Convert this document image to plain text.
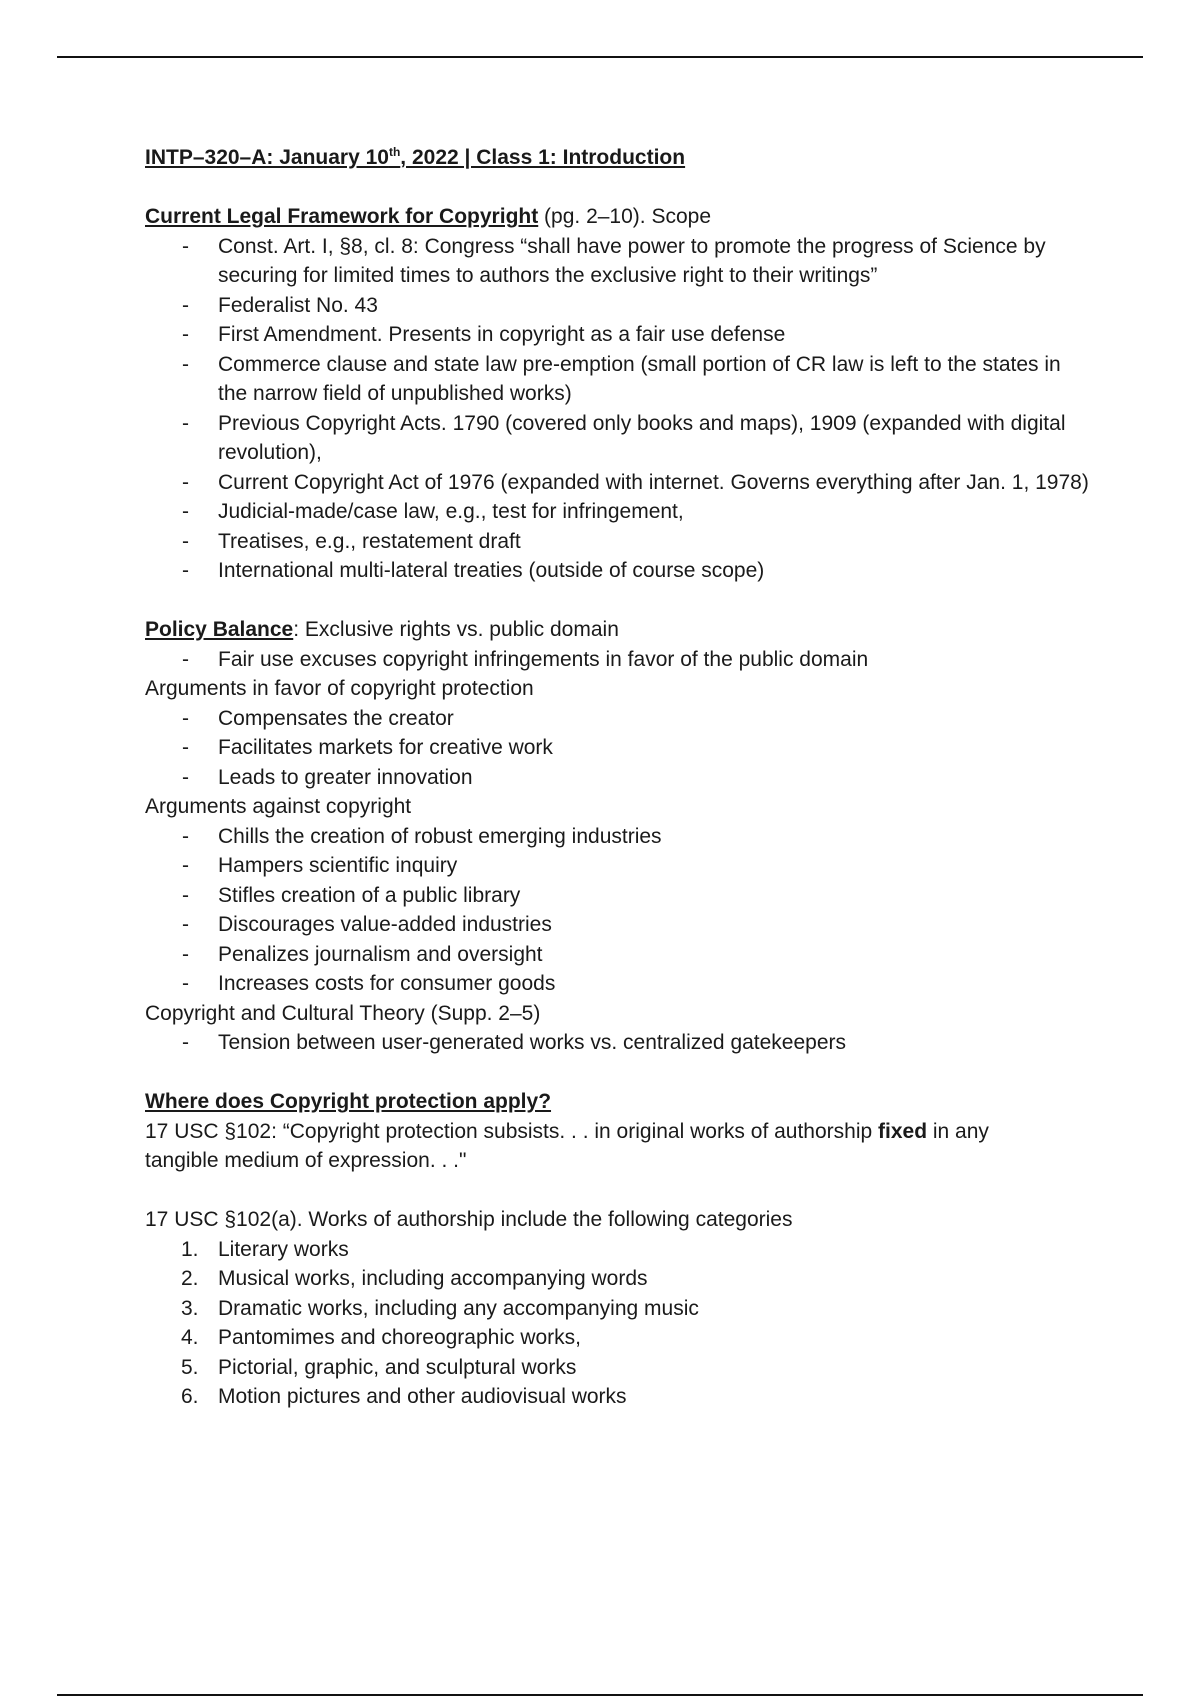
INTP–320–A: January 10th, 2022 | Class 1: Introduction

Current Legal Framework for Copyright (pg. 2–10). Scope

- Const. Art. I, §8, cl. 8: Congress “shall have power to promote the progress of Science by securing for limited times to authors the exclusive right to their writings”
- Federalist No. 43
- First Amendment. Presents in copyright as a fair use defense
- Commerce clause and state law pre-emption (small portion of CR law is left to the states in the narrow field of unpublished works)
- Previous Copyright Acts. 1790 (covered only books and maps), 1909 (expanded with digital revolution),
- Current Copyright Act of 1976 (expanded with internet. Governs everything after Jan. 1, 1978)
- Judicial-made/case law, e.g., test for infringement,
- Treatises, e.g., restatement draft
- International multi-lateral treaties (outside of course scope)

Policy Balance: Exclusive rights vs. public domain

- Fair use excuses copyright infringements in favor of the public domain

Arguments in favor of copyright protection

- Compensates the creator
- Facilitates markets for creative work
- Leads to greater innovation

Arguments against copyright

- Chills the creation of robust emerging industries
- Hampers scientific inquiry
- Stifles creation of a public library
- Discourages value-added industries
- Penalizes journalism and oversight
- Increases costs for consumer goods

Copyright and Cultural Theory (Supp. 2–5)

- Tension between user-generated works vs. centralized gatekeepers

Where does Copyright protection apply?

17 USC §102: “Copyright protection subsists. . . in original works of authorship fixed in any tangible medium of expression. . ."

17 USC §102(a). Works of authorship include the following categories

1. Literary works
2. Musical works, including accompanying words
3. Dramatic works, including any accompanying music
4. Pantomimes and choreographic works,
5. Pictorial, graphic, and sculptural works
6. Motion pictures and other audiovisual works
